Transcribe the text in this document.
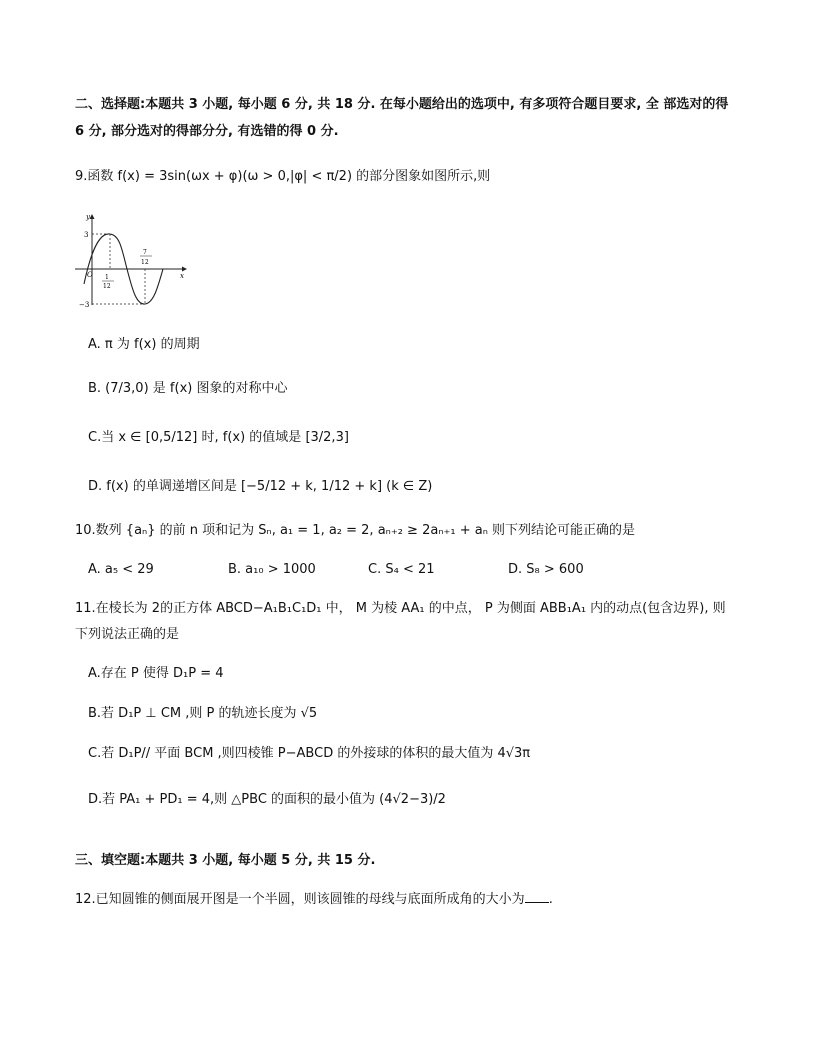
二、选择题:本题共 3 小题, 每小题 6 分, 共 18 分. 在每小题给出的选项中, 有多项符合题目要求, 全 部选对的得
6 分, 部分选对的得部分分, 有选错的得 0 分.
9.函数 f(x) = 3sin(ωx + φ)(ω > 0,|φ| < π/2) 的部分图象如图所示,则
y
x
O
3
−3
1
12
7
12
A. π 为 f(x) 的周期
B. (7/3,0) 是 f(x) 图象的对称中心
C.当 x ∈ [0,5/12] 时, f(x) 的值域是 [3/2,3]
D. f(x) 的单调递增区间是 [−5/12 + k, 1/12 + k] (k ∈ Z)
10.数列 {aₙ} 的前 n 项和记为 Sₙ, a₁ = 1, a₂ = 2, aₙ₊₂ ≥ 2aₙ₊₁ + aₙ 则下列结论可能正确的是
A. a₅ < 29	B. a₁₀ > 1000	C. S₄ < 21	D. S₈ > 600
11.在棱长为 2的正方体 ABCD−A₁B₁C₁D₁ 中， M 为棱 AA₁ 的中点， P 为侧面 ABB₁A₁ 内的动点(包含边界), 则
下列说法正确的是
A.存在 P 使得 D₁P = 4
B.若 D₁P ⊥ CM ,则 P 的轨迹长度为 √5
C.若 D₁P// 平面 BCM ,则四棱锥 P−ABCD 的外接球的体积的最大值为 4√3π
D.若 PA₁ + PD₁ = 4,则 △PBC 的面积的最小值为 (4√2−3)/2
三、填空题:本题共 3 小题, 每小题 5 分, 共 15 分.
12.已知圆锥的侧面展开图是一个半圆，则该圆锥的母线与底面所成角的大小为 .
